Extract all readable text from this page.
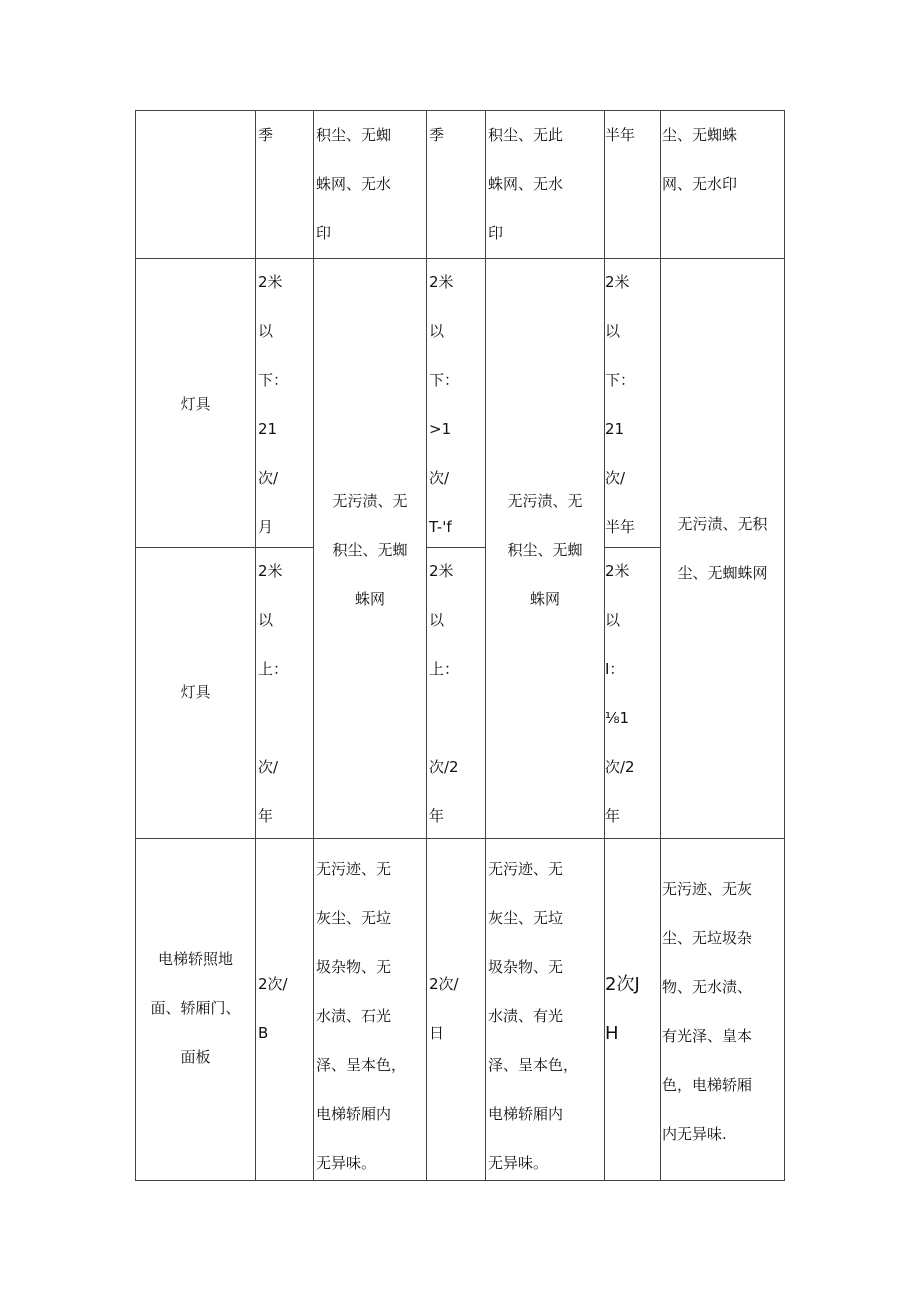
季	积尘、无蜘
蛛网、无水
印
季	积尘、无此
蛛网、无水
印
半年 尘、无蜘蛛
网、无水印
灯具
2米
以
下：
21
次/
月
2米
以
下：
>1
次/
T-'f
2米
以
下：
21
次/
半年
灯具
2米
以
上：

次/
年
2米
以
上：

次/2
年
2米
以
I：
⅛1
次/2
年
无污渍、无
积尘、无蜘
蛛网
无污渍、无
积尘、无蜘
蛛网
无污渍、无积
尘、无蜘蛛网
电梯轿照地
面、轿厢门、
面板
2次/
B
无污迹、无
灰尘、无垃
圾杂物、无
水渍、石光
泽、呈本色，
电梯轿厢内
无异味。
2次/
日
无污迹、无
灰尘、无垃
圾杂物、无
水渍、有光
泽、呈本色，
电梯轿厢内
无异味。
2次J
H
无污迹、无灰
尘、无垃圾杂
物、无水渍、
有光泽、皇本
色，电梯轿厢
内无异味.
